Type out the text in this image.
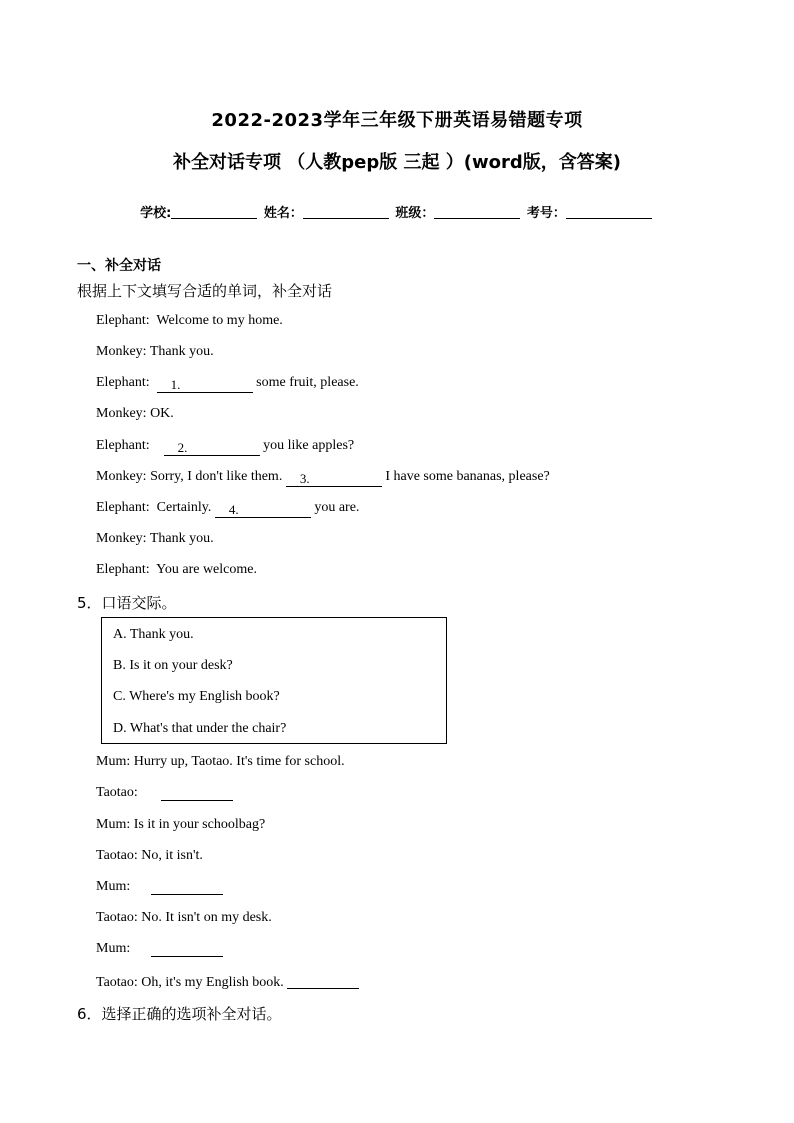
2022-2023学年三年级下册英语易错题专项
补全对话专项 （人教pep版 三起 ）(word版，含答案)
学校:	姓名：	班级：	考号：
一、补全对话
根据上下文填写合适的单词，补全对话
Elephant: Welcome to my home.
Monkey: Thank you.
Elephant: 1.	some fruit, please.
Monkey: OK.
Elephant: 2.	you like apples?
Monkey: Sorry, I don't like them. 3.	I have some bananas, please?
Elephant: Certainly. 4.	you are.
Monkey: Thank you.
Elephant: You are welcome.
5．口语交际。
A. Thank you.
B. Is it on your desk?
C. Where's my English book?
D. What's that under the chair?
Mum: Hurry up, Taotao. It's time for school.
Taotao:
Mum: Is it in your schoolbag?
Taotao: No, it isn't.
Mum:
Taotao: No. It isn't on my desk.
Mum:
Taotao: Oh, it's my English book.
6．选择正确的选项补全对话。
